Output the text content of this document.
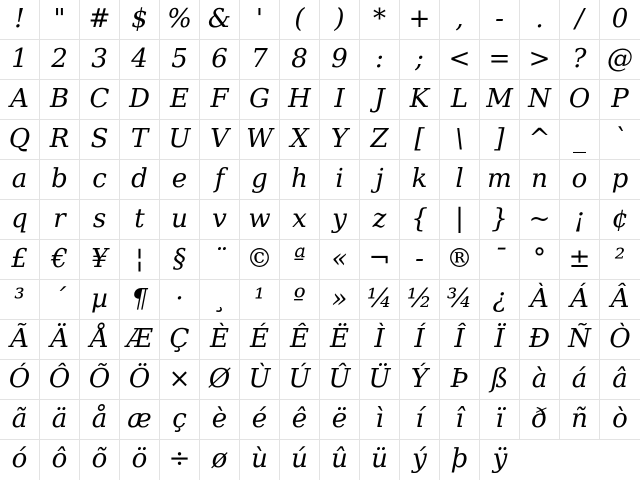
!	" # $ % & '	(	)	* + ,	-	.	/	0
1 2 3 4 5 6 7 8 9	:	; < = > ? @
A B C D E F G H I	J K L M N O P
Q R S T U V W X Y Z [	\	] ^ _	`
a b c d e	f	g h	i	j	k	l m n o p
q r	s	t	u v w x y z {	|	} ~ ¡	¢
£ € ¥	¦	§	¨ © ª « ¬ - ® ¯	° ± ²
³	´ µ ¶	·	¸	¹	º » ¼ ½ ¾ ¿ À Á Â
Ã Ä Å Æ Ç È É Ê Ë Ì	Í	Î	Ï Ð Ñ Ò
Ó Ô Õ Ö × Ø Ù Ú Û Ü Ý Þ ß à á â
ã ä å æ ç è é ê ë	ì	í	î	ï	ð ñ ò
ó ô õ ö ÷ ø ù ú û ü ý þ ÿ
